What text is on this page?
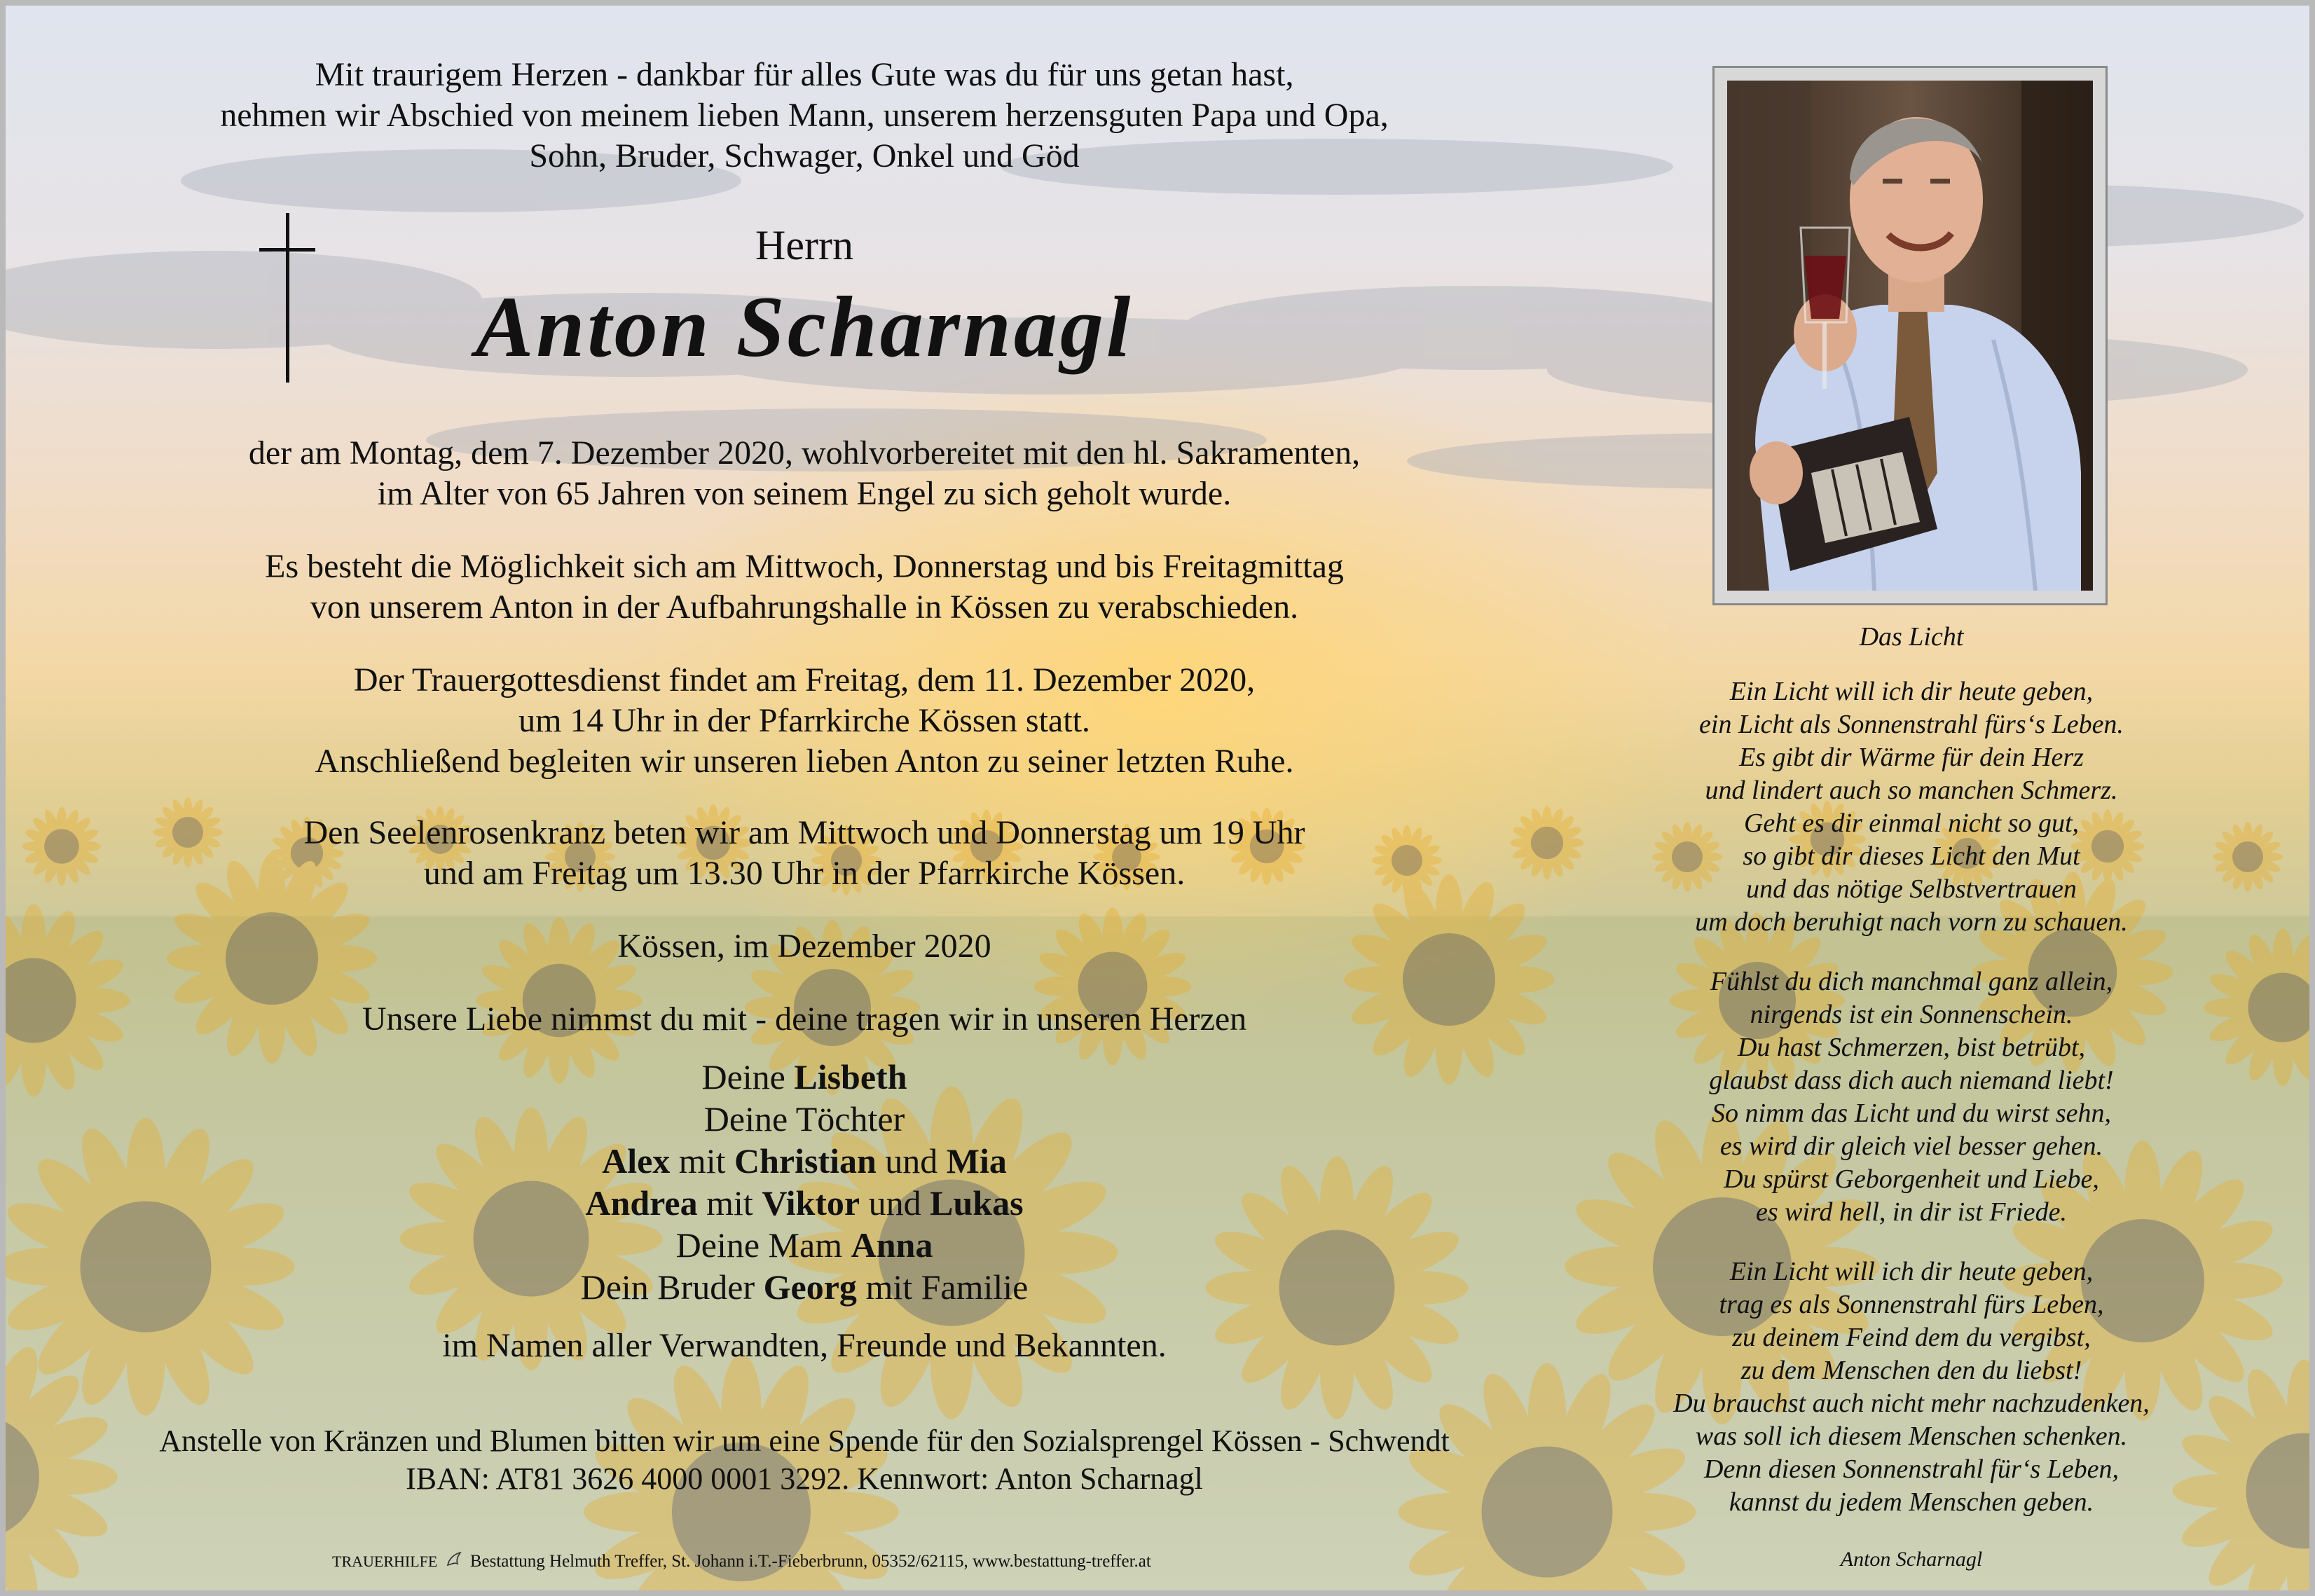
Mit traurigem Herzen - dankbar für alles Gute was du für uns getan hast,
nehmen wir Abschied von meinem lieben Mann, unserem herzensguten Papa und Opa,
Sohn, Bruder, Schwager, Onkel und Göd
Herrn
Anton Scharnagl
der am Montag, dem 7. Dezember 2020, wohlvorbereitet mit den hl. Sakramenten,
im Alter von 65 Jahren von seinem Engel zu sich geholt wurde.
Es besteht die Möglichkeit sich am Mittwoch, Donnerstag und bis Freitagmittag
von unserem Anton in der Aufbahrungshalle in Kössen zu verabschieden.
Der Trauergottesdienst findet am Freitag, dem 11. Dezember 2020,
um 14 Uhr in der Pfarrkirche Kössen statt.
Anschließend begleiten wir unseren lieben Anton zu seiner letzten Ruhe.
Den Seelenrosenkranz beten wir am Mittwoch und Donnerstag um 19 Uhr
und am Freitag um 13.30 Uhr in der Pfarrkirche Kössen.
Kössen, im Dezember 2020
Unsere Liebe nimmst du mit - deine tragen wir in unseren Herzen
Deine Lisbeth
Deine Töchter
Alex mit Christian und Mia
Andrea mit Viktor und Lukas
Deine Mam Anna
Dein Bruder Georg mit Familie
im Namen aller Verwandten, Freunde und Bekannten.
Anstelle von Kränzen und Blumen bitten wir um eine Spende für den Sozialsprengel Kössen - Schwendt
IBAN: AT81 3626 4000 0001 3292. Kennwort: Anton Scharnagl
TRAUERHILFE Bestattung Helmuth Treffer, St. Johann i.T.-Fieberbrunn, 05352/62115, www.bestattung-treffer.at
Das Licht
Ein Licht will ich dir heute geben,
ein Licht als Sonnenstrahl fürs‘s Leben.
Es gibt dir Wärme für dein Herz
und lindert auch so manchen Schmerz.
Geht es dir einmal nicht so gut,
so gibt dir dieses Licht den Mut
und das nötige Selbstvertrauen
um doch beruhigt nach vorn zu schauen.
Fühlst du dich manchmal ganz allein,
nirgends ist ein Sonnenschein.
Du hast Schmerzen, bist betrübt,
glaubst dass dich auch niemand liebt!
So nimm das Licht und du wirst sehn,
es wird dir gleich viel besser gehen.
Du spürst Geborgenheit und Liebe,
es wird hell, in dir ist Friede.
Ein Licht will ich dir heute geben,
trag es als Sonnenstrahl fürs Leben,
zu deinem Feind dem du vergibst,
zu dem Menschen den du liebst!
Du brauchst auch nicht mehr nachzudenken,
was soll ich diesem Menschen schenken.
Denn diesen Sonnenstrahl für‘s Leben,
kannst du jedem Menschen geben.
Anton Scharnagl
